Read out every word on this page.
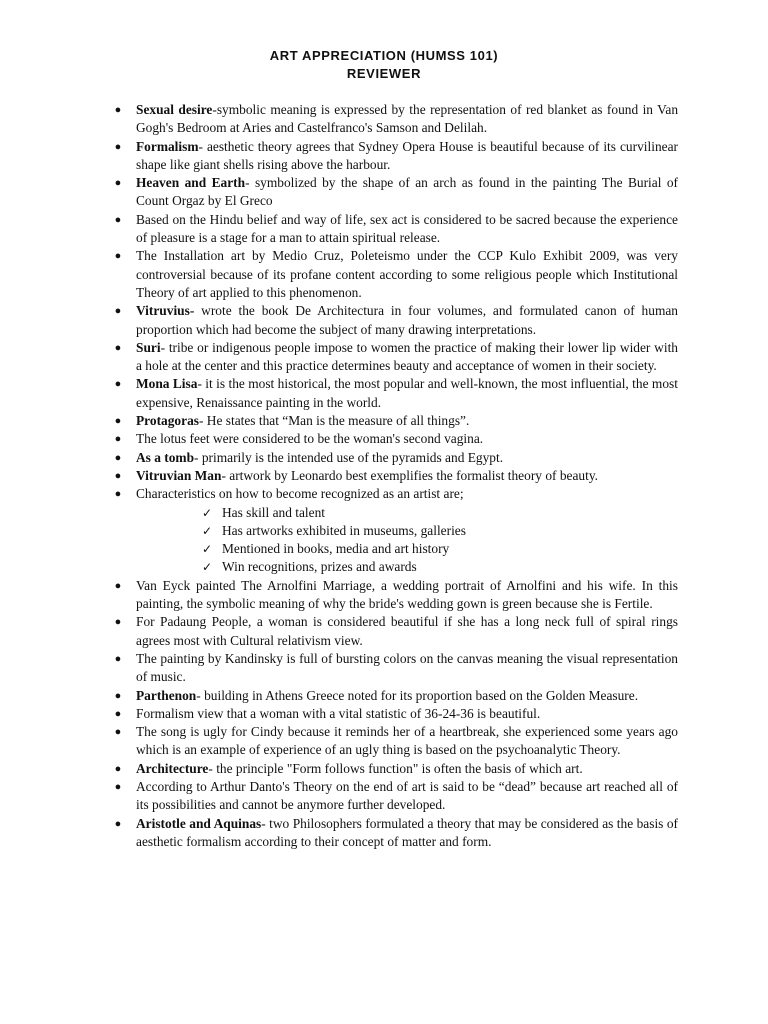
ART APPRECIATION (HUMSS 101)
REVIEWER
● Sexual desire-symbolic meaning is expressed by the representation of red blanket as found in Van Gogh's Bedroom at Aries and Castelfranco's Samson and Delilah.
● Formalism- aesthetic theory agrees that Sydney Opera House is beautiful because of its curvilinear shape like giant shells rising above the harbour.
● Heaven and Earth- symbolized by the shape of an arch as found in the painting The Burial of Count Orgaz by El Greco
● Based on the Hindu belief and way of life, sex act is considered to be sacred because the experience of pleasure is a stage for a man to attain spiritual release.
● The Installation art by Medio Cruz, Poleteismo under the CCP Kulo Exhibit 2009, was very controversial because of its profane content according to some religious people which Institutional Theory of art applied to this phenomenon.
● Vitruvius- wrote the book De Architectura in four volumes, and formulated canon of human proportion which had become the subject of many drawing interpretations.
● Suri- tribe or indigenous people impose to women the practice of making their lower lip wider with a hole at the center and this practice determines beauty and acceptance of women in their society.
● Mona Lisa- it is the most historical, the most popular and well-known, the most influential, the most expensive, Renaissance painting in the world.
● Protagoras- He states that “Man is the measure of all things”.
● The lotus feet were considered to be the woman's second vagina.
● As a tomb- primarily is the intended use of the pyramids and Egypt.
● Vitruvian Man- artwork by Leonardo best exemplifies the formalist theory of beauty.
● Characteristics on how to become recognized as an artist are;
✓ Has skill and talent
✓ Has artworks exhibited in museums, galleries
✓ Mentioned in books, media and art history
✓ Win recognitions, prizes and awards
● Van Eyck painted The Arnolfini Marriage, a wedding portrait of Arnolfini and his wife. In this painting, the symbolic meaning of why the bride's wedding gown is green because she is Fertile.
● For Padaung People, a woman is considered beautiful if she has a long neck full of spiral rings agrees most with Cultural relativism view.
● The painting by Kandinsky is full of bursting colors on the canvas meaning the visual representation of music.
● Parthenon- building in Athens Greece noted for its proportion based on the Golden Measure.
● Formalism view that a woman with a vital statistic of 36-24-36 is beautiful.
● The song is ugly for Cindy because it reminds her of a heartbreak, she experienced some years ago which is an example of experience of an ugly thing is based on the psychoanalytic Theory.
● Architecture- the principle "Form follows function" is often the basis of which art.
● According to Arthur Danto's Theory on the end of art is said to be “dead” because art reached all of its possibilities and cannot be anymore further developed.
● Aristotle and Aquinas- two Philosophers formulated a theory that may be considered as the basis of aesthetic formalism according to their concept of matter and form.
